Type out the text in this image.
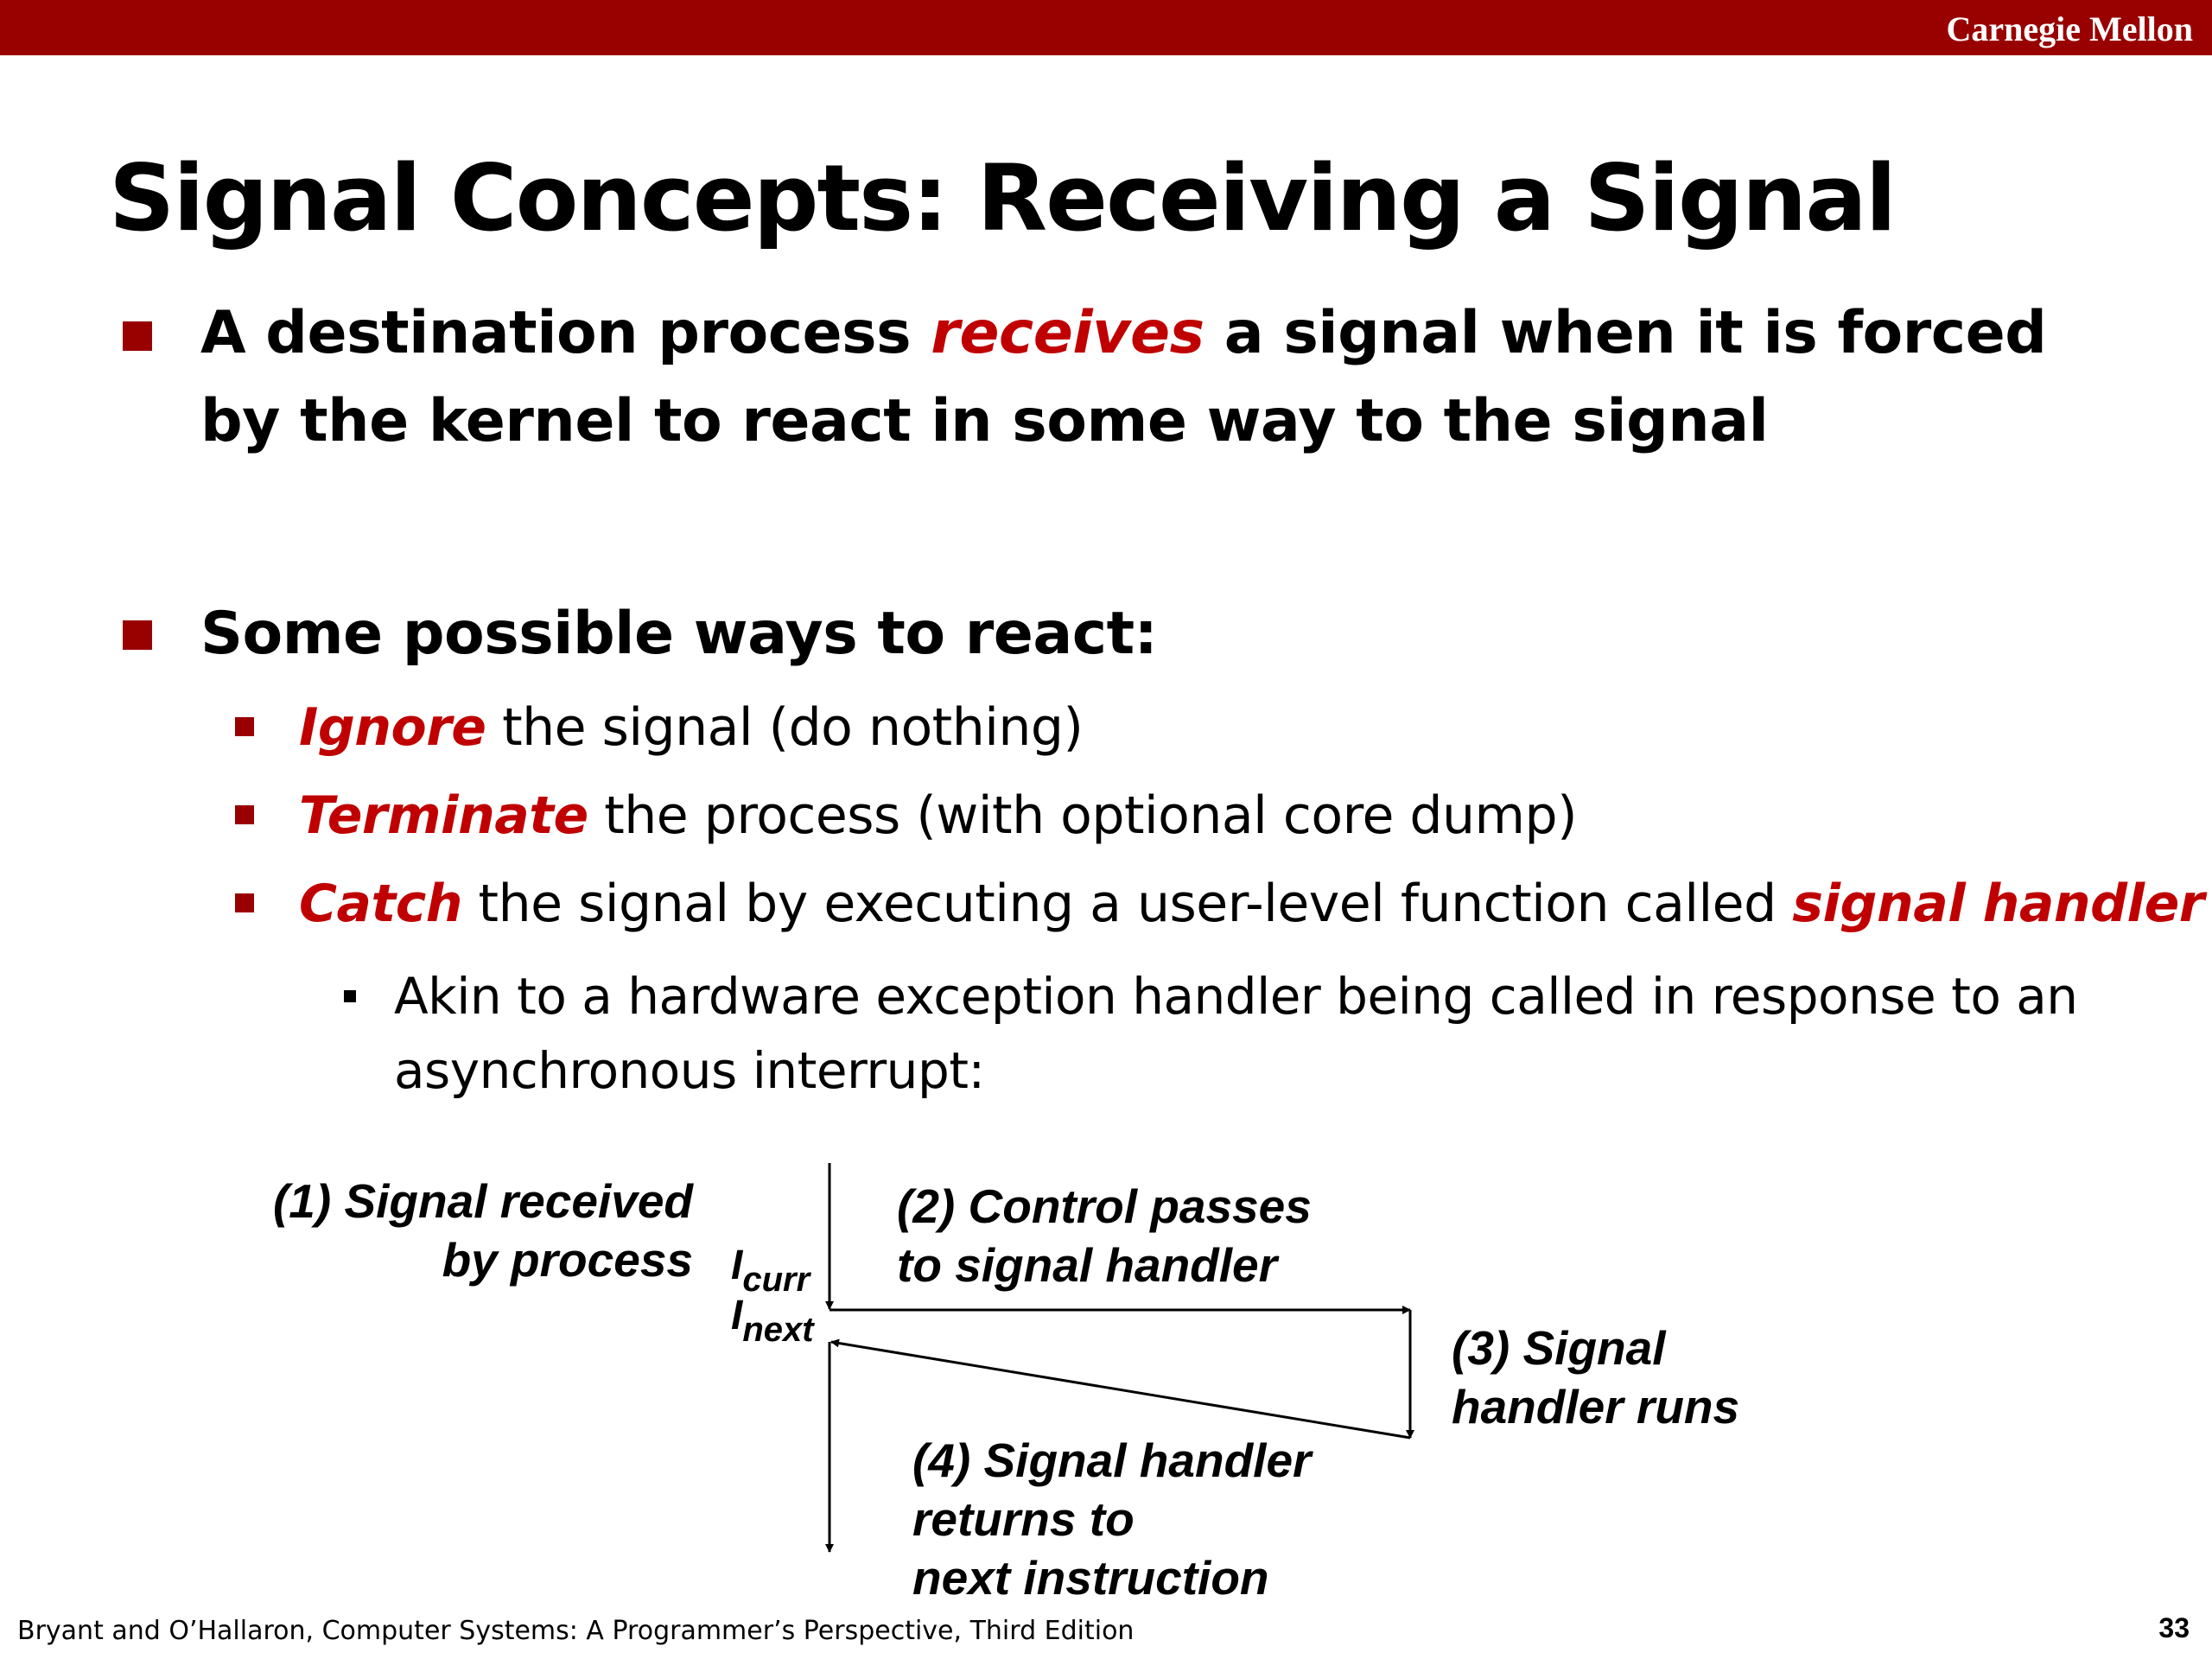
Carnegie Mellon
Signal Concepts: Receiving a Signal
A destination process receives a signal when it is forced by the kernel to react in some way to the signal
Some possible ways to react:
Ignore the signal (do nothing)
Terminate the process (with optional core dump)
Catch the signal by executing a user-level function called signal handler
Akin to a hardware exception handler being called in response to an asynchronous interrupt:
(1) Signal received
by process $I_{curr}$
$I_{next}$
(2) Control passes
to signal handler
(3) Signal
handler runs
(4) Signal handler
returns to
next instruction
Bryant and O’Hallaron, Computer Systems: A Programmer’s Perspective, Third Edition	33
